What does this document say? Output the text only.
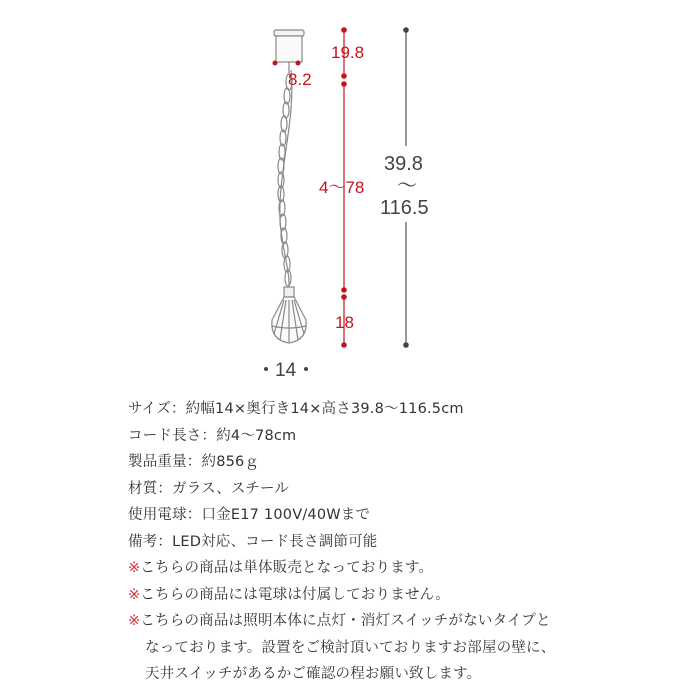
8.2
19.8
4～78
18
39.8
～
116.5
14
サイズ：約幅14×奥行き14×高さ39.8～116.5cm
コード長さ：約4～78cm
製品重量：約856ｇ
材質：ガラス、スチール
使用電球：口金E17 100V/40Wまで
備考：LED対応、コード長さ調節可能
※こちらの商品は単体販売となっております。
※こちらの商品には電球は付属しておりません。
※こちらの商品は照明本体に点灯・消灯スイッチがないタイプと
なっております。設置をご検討頂いておりますお部屋の壁に、
天井スイッチがあるかご確認の程お願い致します。
